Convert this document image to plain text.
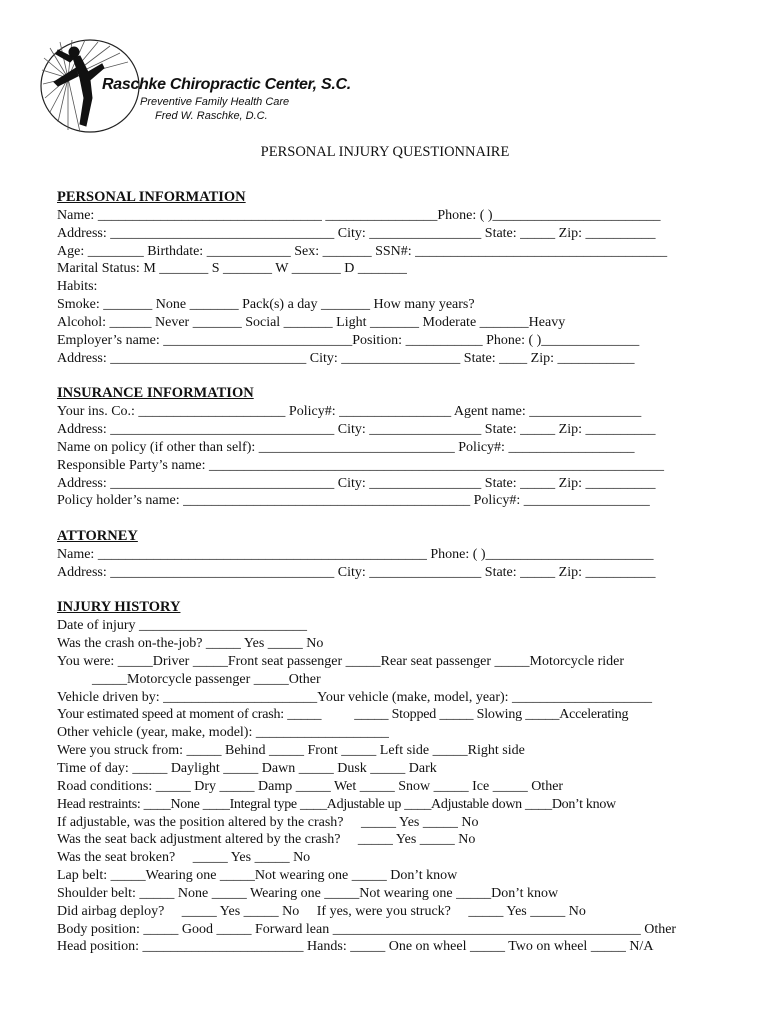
Raschke Chiropractic Center, S.C.
Preventive Family Health Care
Fred W. Raschke, D.C.
PERSONAL INJURY QUESTIONNAIRE
PERSONAL INFORMATION
Name: ________________________________ ________________Phone: ( )________________________
Address: ________________________________ City: ________________ State: _____ Zip: __________
Age: ________ Birthdate: ____________ Sex: _______ SSN#: ____________________________________
Marital Status: M _______ S _______ W _______ D _______
Habits:
Smoke: _______ None _______ Pack(s) a day _______ How many years?
Alcohol: ______ Never _______ Social _______ Light _______ Moderate _______Heavy
Employer’s name: ___________________________Position: ___________ Phone: ( )______________
Address: ____________________________ City: _________________ State: ____ Zip: ___________
INSURANCE INFORMATION
Your ins. Co.: _____________________ Policy#: ________________ Agent name: ________________
Address: ________________________________ City: ________________ State: _____ Zip: __________
Name on policy (if other than self): ____________________________ Policy#: __________________
Responsible Party’s name: _________________________________________________________________
Address: ________________________________ City: ________________ State: _____ Zip: __________
Policy holder’s name: _________________________________________ Policy#: __________________
ATTORNEY
Name: _______________________________________________ Phone: ( )________________________
Address: ________________________________ City: ________________ State: _____ Zip: __________
INJURY HISTORY
Date of injury ________________________
Was the crash on-the-job? _____ Yes _____ No
You were: _____Driver _____Front seat passenger _____Rear seat passenger _____Motorcycle rider
_____Motorcycle passenger _____Other
Vehicle driven by: ______________________Your vehicle (make, model, year): ____________________
Your estimated speed at moment of crash: _____          _____ Stopped _____ Slowing _____Accelerating
Other vehicle (year, make, model): ___________________
Were you struck from: _____ Behind _____ Front _____ Left side _____Right side
Time of day: _____ Daylight _____ Dawn _____ Dusk _____ Dark
Road conditions: _____ Dry _____ Damp _____ Wet _____ Snow _____ Ice _____ Other
Head restraints: ____None ____Integral type ____Adjustable up ____Adjustable down ____Don’t know
If adjustable, was the position altered by the crash?     _____ Yes _____ No
Was the seat back adjustment altered by the crash?     _____ Yes _____ No
Was the seat broken?     _____ Yes _____ No
Lap belt: _____Wearing one _____Not wearing one _____ Don’t know
Shoulder belt: _____ None _____ Wearing one _____Not wearing one _____Don’t know
Did airbag deploy?     _____ Yes _____ No     If yes, were you struck?     _____ Yes _____ No
Body position: _____ Good _____ Forward lean ____________________________________________ Other
Head position: _______________________ Hands: _____ One on wheel _____ Two on wheel _____ N/A
